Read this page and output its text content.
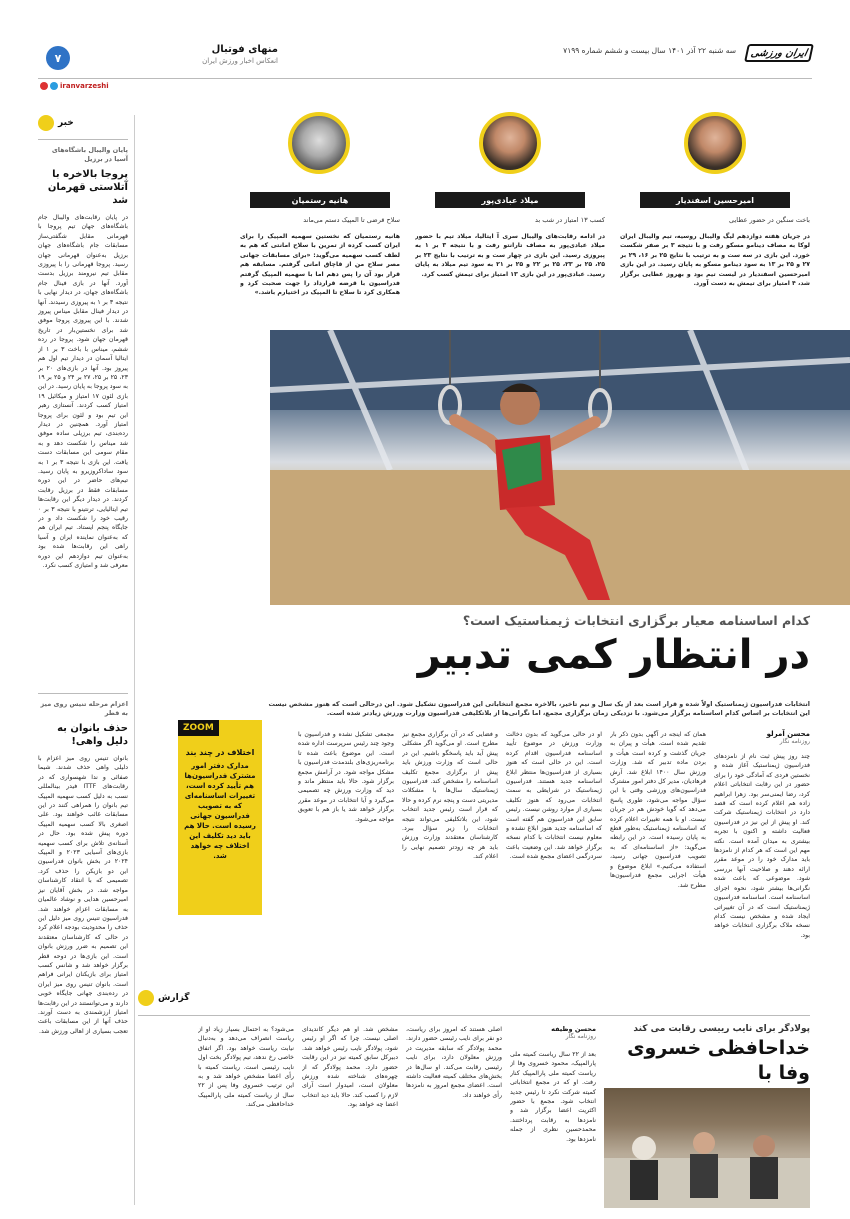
ایران ورزشی
سه شنبه ۲۲ آذر ۱۴۰۱ سال بیست و ششم شماره ۷۱۹۹
منهای فوتبال
انعکاس اخبار ورزش ایران
۷
iranvarzeshi
خبر
پایان والیبال باشگاه‌های آسیا در برزیل
پروجا بالاخره با آتلاستی قهرمان شد
در پایان رقابت‌های والیبال جام باشگاه‌های جهان تیم پروجا با قهرمانی مقابل شگفتی‌ساز مسابقات جام باشگاه‌های جهان برزیل به‌عنوان قهرمانی جهان رسید. پروجا قهرمانی را با پیروزی مقابل تیم نیرومند برزیل بدست آورد. آنها در بازی فینال جام باشگاه‌های جهان، در دیدار نهایی با نتیجه ۳ بر ۱ به پیروزی رسیدند. آنها در دیدار فینال مقابل میناس پیروز شدند. با این پیروزی پروجا موفق شد برای نخستین‌بار در تاریخ قهرمان جهان شود. پروجا در رده ششم، میناس با باخت ۳ بر ۱ از ایتالیا آسمان در دیدار تیم اول هم پیروز بود. آنها در بازی‌های ۲۰ بر ۲۳، ۲۵ بر ۲۵، ۲۷ بر ۲۴ و ۲۵ بر ۱۹ به سود پروجا به پایان رسید. در این بازی لئون ۱۷ امتیاز و میکائیل ۱۹ امتیاز کسب کردند. آنستازی رهبر این تیم بود و لئون برای پروجا امتیاز آورد. همچنین در دیدار رده‌بندی، تیم برزیلی ساده موفق شد میناس را شکست دهد و به مقام سومی این مسابقات دست یافت. این بازی با نتیجه ۳ بر ۱ به سود ساداکروزیرو به پایان رسید. تیم‌های حاضر در این دوره مسابقات فقط در برزیل رقابت کردند. در دیدار دیگر این رقابت‌ها تیم ایتالیایی، ترنتینو با نتیجه ۳ بر ۰ رقیب خود را شکست داد و در جایگاه پنجم ایستاد. تیم ایران هم که به‌عنوان نماینده ایران و آسیا راهی این رقابت‌ها شده بود به‌عنوان تیم دوازدهم این دوره معرفی شد و امتیازی کسب نکرد.
اعزام مرحله تنیس روی میز به قطر
حذف بانوان به دلیل واهی!
بانوان تنیس روی میز اعزام با دلیلی واهی حذف شدند. شیما صفائی و ندا شهسواری که در رقابت‌های ITTF فیدر بینالمللی نسب به دلیل کسب سهمیه المپیک تیم بانوان را همراهی کنند در این مسابقات غائب خواهند بود. علی اصغری بالا کسب سهمیه المپیک دوره پیش شده بود. حال در آستانه‌ی تلاش برای کسب سهمیه بازی‌های آسیایی ۲۰۲۳ و المپیک ۲۰۲۴ در بخش بانوان فدراسیون این دو بازیکن را حذف کرد. تصمیمی که با انتقاد کارشناسان مواجه شد. در بخش آقایان نیز امیرحسین هدایی و نوشاد عالمیان به مسابقات اعزام خواهند شد. فدراسیون تنیس روی میز دلیل این حذف را محدودیت بودجه اعلام کرد در حالی که کارشناسان معتقدند این تصمیم به ضرر ورزش بانوان است. این بازی‌ها در دوحه قطر برگزار خواهد شد و شانس کسب امتیاز برای بازیکنان ایرانی فراهم است. بانوان تنیس روی میز ایران در رده‌بندی جهانی جایگاه خوبی دارند و می‌توانستند در این رقابت‌ها امتیاز ارزشمندی به دست آورند. حذف آنها از این مسابقات باعث تعجب بسیاری از اهالی ورزش شد.
امیرحسین اسفندیار
باخت سنگین در حضور عطایی
در جریان هفته دوازدهم لیگ والیبال روسیه، تیم والیبال ایران لوکا به مصاف دینامو مسکو رفت و با نتیجه ۳ بر صفر شکست خورد. این بازی در سه ست و به ترتیب با نتایج ۲۵ بر ۱۶، ۲۹ بر ۲۷ و ۲۵ بر ۱۳ به سود دینامو مسکو به پایان رسید. در این بازی امیرحسین اسفندیار در لیست تیم بود و بهروز عطایی برگزار شد، ۴ امتیاز برای تیمش به دست آورد.
میلاد عبادی‌پور
کسب ۱۳ امتیاز در شب بد
در ادامه رقابت‌های والیبال سری آ ایتالیا، میلاد تیم با حضور میلاد عبادی‌پور به مصاف تارانتو رفت و با نتیجه ۳ بر ۱ به پیروزی رسید. این بازی در چهار ست و به ترتیب با نتایج ۲۳ بر ۲۵، ۲۵ بر ۲۳، ۲۵ بر ۲۲ و ۲۵ بر ۲۱ به سود تیم میلاد به پایان رسید. عبادی‌پور در این بازی ۱۳ امتیاز برای تیمش کسب کرد.
هانیه رستمیان
سلاح قرضی تا المپیک دستم می‌ماند
هانیه رستمیان که نخستین سهمیه المپیک را برای ایران کسب کرده از تمرین با سلاح امانتی که هم به لطف کسب سهمیه می‌گوید: «برای مسابقات جهانی مصر سلاح من از قاچاق امانی گرفتم. مسابقه هم قرار بود آن را پس دهم اما با سهمیه المپیک گرفتم فدراسیون با قرضه قرارداد را جهت صحبت کرد و همکاری کرد تا سلاح تا المپیک در اختیارم باشد.»
کدام اساسنامه معیار برگزاری انتخابات ژیمناستیک است؟
در انتظار کمی تدبیر
انتخابات فدراسیون ژیمناستیک اولاً شده و قرار است بعد از یک سال و نیم تاخیر، بالاخره مجمع انتخاباتی این فدراسیون تشکیل شود. این درحالی است که هنوز مشخص نیست این انتخابات بر اساس کدام اساسنامه برگزار می‌شود. با نزدیکی زمان برگزاری مجمع، اما نگرانی‌ها از بلاتکلیفی فدراسیون وزارت ورزش زیادتر شده است.
محسن آمرلو
روزنامه نگار
چند روز پیش ثبت نام از نامزدهای فدراسیون ژیمناستیک آغاز شده و نخستین فردی که آمادگی خود را برای حضور در این رقابت انتخاباتی اعلام کرد، رضا ایمنی‌سر بود. زهرا ابراهیم زاده هم اعلام کرده است که قصد دارد در انتخابات ژیمناستیک شرکت کند. او پیش از این نیز در فدراسیون فعالیت داشته و اکنون با تجربه بیشتری به میدان آمده است. نکته مهم این است که هر کدام از نامزدها باید مدارک خود را در موعد مقرر ارائه دهند و صلاحیت آنها بررسی شود. موضوعی که باعث شده نگرانی‌ها بیشتر شود، نحوه اجرای اساسنامه است. اساسنامه فدراسیون ژیمناستیک است که در آن تغییراتی ایجاد شده و مشخص نیست کدام نسخه ملاک برگزاری انتخابات خواهد بود.
همان که اینجه در آگهی بدون ذکر بار تقدیم شده است. هیأت و پیران به جریان گذشت و کرده است هیأت و بردن ماده تدبیر که شد. وزارت ورزش سال ۱۴۰۰ ابلاغ شد. آرش فرهادیان، مدیر کل دفتر امور مشترک فدراسیون‌های ورزشی وقتی با این سؤال مواجه می‌شود، طوری پاسخ می‌دهد که گویا خودش هم در جریان نیست. او با همه تغییرات اعلام کرده که اساسنامه ژیمناستیک به‌طور قطع به پایان رسیده است. در این رابطه می‌گوید: «از اساسنامه‌ای که به تصویب فدراسیون جهانی رسید، استفاده می‌کنیم.» ابلاغ موضوع و هیأت اجرایی مجمع فدراسیون‌ها مطرح شد.
او در حالی می‌گوید که بدون دخالت وزارت ورزش در موضوع تأیید اساسنامه فدراسیون اقدام کرده است. این در حالی است که هنوز بسیاری از فدراسیون‌ها منتظر ابلاغ اساسنامه جدید هستند. فدراسیون ژیمناستیک در شرایطی به سمت انتخابات می‌رود که هنوز تکلیف بسیاری از موارد روشن نیست. رئیس سابق این فدراسیون هم گفته است که اساسنامه جدید هنوز ابلاغ نشده و معلوم نیست انتخابات با کدام نسخه برگزار خواهد شد. این وضعیت باعث سردرگمی اعضای مجمع شده است.
و فضایی که در آن برگزاری مجمع نیز مطرح است. او می‌گوید اگر مشکلی پیش آید باید پاسخگو باشیم. این در حالی است که وزارت ورزش باید پیش از برگزاری مجمع تکلیف اساسنامه را مشخص کند. فدراسیون ژیمناستیک سال‌ها با مشکلات مدیریتی دست و پنجه نرم کرده و حالا که قرار است رئیس جدید انتخاب شود، این بلاتکلیفی می‌تواند نتیجه انتخابات را زیر سؤال ببرد. کارشناسان معتقدند وزارت ورزش باید هر چه زودتر تصمیم نهایی را اعلام کند.
مجمعی تشکیل نشده و فدراسیون با وجود چند رئیس سرپرست اداره شده است. این موضوع باعث شده تا برنامه‌ریزی‌های بلندمدت فدراسیون با مشکل مواجه شود. در آرامش مجمع برگزار شود. حالا باید منتظر ماند و دید که وزارت ورزش چه تصمیمی می‌گیرد و آیا انتخابات در موعد مقرر برگزار خواهد شد یا باز هم با تعویق مواجه می‌شود.
ZOOM
اختلاف در چند بند
مدارک دفتر امور مشترک فدراسیون‌ها هم تأیید کرده است، تغییرات اساسنامه‌ای که به تصویب فدراسیون جهانی رسیده است. حالا هم باید دید تکلیف این اختلاف چه خواهد شد.
گزارش
پولادگر برای نایب رییسی رقابت می کند
خداحافظی خسروی وفا با
محسن وظیفه
روزنامه نگار
بعد از ۲۲ سال ریاست کمیته ملی پارالمپیک، محمود خسروی وفا از ریاست کمیته ملی پارالمپیک کنار رفت. او که در مجمع انتخاباتی کمیته شرکت نکرد تا رئیس جدید انتخاب شود. مجمع با حضور اکثریت اعضا برگزار شد و نامزدها به رقابت پرداختند. محمدحسین نظری از جمله نامزدها بود.
اصلی هستند که امروز برای ریاست، دو نفر برای نایب رئیسی حضور دارند. محمد پولادگر که سابقه مدیریت در ورزش معلولان دارد، برای نایب رئیسی رقابت می‌کند. او سال‌ها در بخش‌های مختلف کمیته فعالیت داشته است. اعضای مجمع امروز به نامزدها رأی خواهند داد.
مشخص شد. او هم دیگر کاندیدای اصلی نیست. چرا که اگر او رئیس شود، پولادگر نایب رئیس خواهد شد. دبیرکل سابق کمیته نیز در این رقابت حضور دارد. محمد پولادگر که از چهره‌های شناخته شده ورزش معلولان است، امیدوار است آرای لازم را کسب کند. حالا باید دید انتخاب اعضا چه خواهد بود.
می‌شود؟ به احتمال بسیار زیاد او از ریاست انصراف می‌دهد و به‌دنبال نیابت ریاست خواهد بود. اگر اتفاق خاصی رخ ندهد، تیم پولادگر بخت اول نایب رئیسی است. ریاست کمیته با رأی اعضا مشخص خواهد شد و به این ترتیب خسروی وفا پس از ۲۲ سال از ریاست کمیته ملی پارالمپیک خداحافظی می‌کند.
